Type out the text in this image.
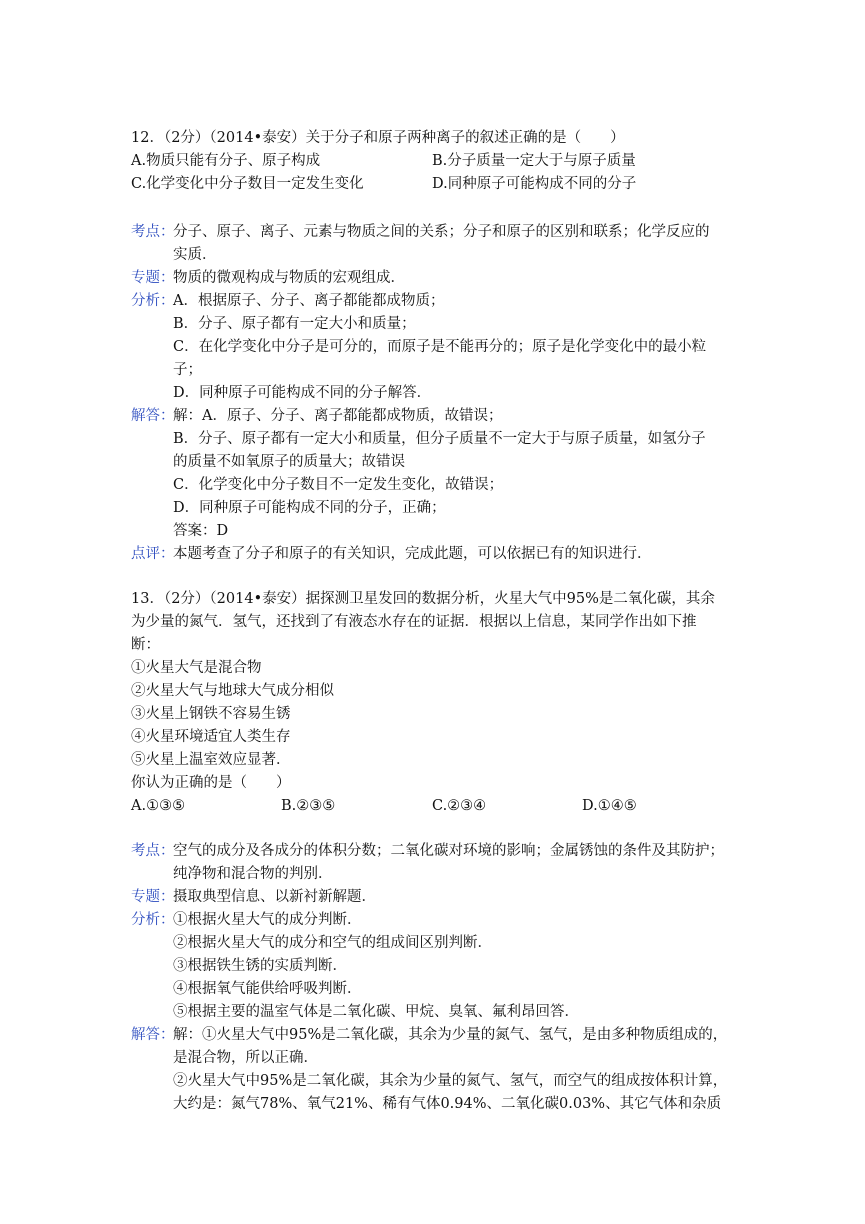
12．（2分）（2014•泰安）关于分子和原子两种离子的叙述正确的是（　　）
A.物质只能有分子、原子构成	B.分子质量一定大于与原子质量
C.化学变化中分子数目一定发生变化	D.同种原子可能构成不同的分子
考点：
分子、原子、离子、元素与物质之间的关系；分子和原子的区别和联系；化学反应的
实质．
专题：
物质的微观构成与物质的宏观组成．
分析：
A．根据原子、分子、离子都能都成物质；
B．分子、原子都有一定大小和质量；
C．在化学变化中分子是可分的，而原子是不能再分的；原子是化学变化中的最小粒
子；
D．同种原子可能构成不同的分子解答．
解答：
解：A．原子、分子、离子都能都成物质，故错误；
B．分子、原子都有一定大小和质量，但分子质量不一定大于与原子质量，如氢分子
的质量不如氧原子的质量大；故错误
C．化学变化中分子数目不一定发生变化，故错误；
D．同种原子可能构成不同的分子，正确；
答案：D
点评：
本题考查了分子和原子的有关知识，完成此题，可以依据已有的知识进行．
13．（2分）（2014•泰安）据探测卫星发回的数据分析，火星大气中95%是二氧化碳，其余
为少量的氮气．氢气，还找到了有液态水存在的证据．根据以上信息，某同学作出如下推
断：
①火星大气是混合物
②火星大气与地球大气成分相似
③火星上钢铁不容易生锈
④火星环境适宜人类生存
⑤火星上温室效应显著．
你认为正确的是（　　）
A.①③⑤	B.②③⑤	C.②③④	D.①④⑤
考点：
空气的成分及各成分的体积分数；二氧化碳对环境的影响；金属锈蚀的条件及其防护；
纯净物和混合物的判别．
专题：
摄取典型信息、以新衬新解题．
分析：
①根据火星大气的成分判断．
②根据火星大气的成分和空气的组成间区别判断．
③根据铁生锈的实质判断．
④根据氧气能供给呼吸判断．
⑤根据主要的温室气体是二氧化碳、甲烷、臭氧、氟利昂回答．
解答：
解：①火星大气中95%是二氧化碳，其余为少量的氮气、氢气，是由多种物质组成的，
是混合物，所以正确．
②火星大气中95%是二氧化碳，其余为少量的氮气、氢气，而空气的组成按体积计算，
大约是：氮气78%、氧气21%、稀有气体0.94%、二氧化碳0.03%、其它气体和杂质
